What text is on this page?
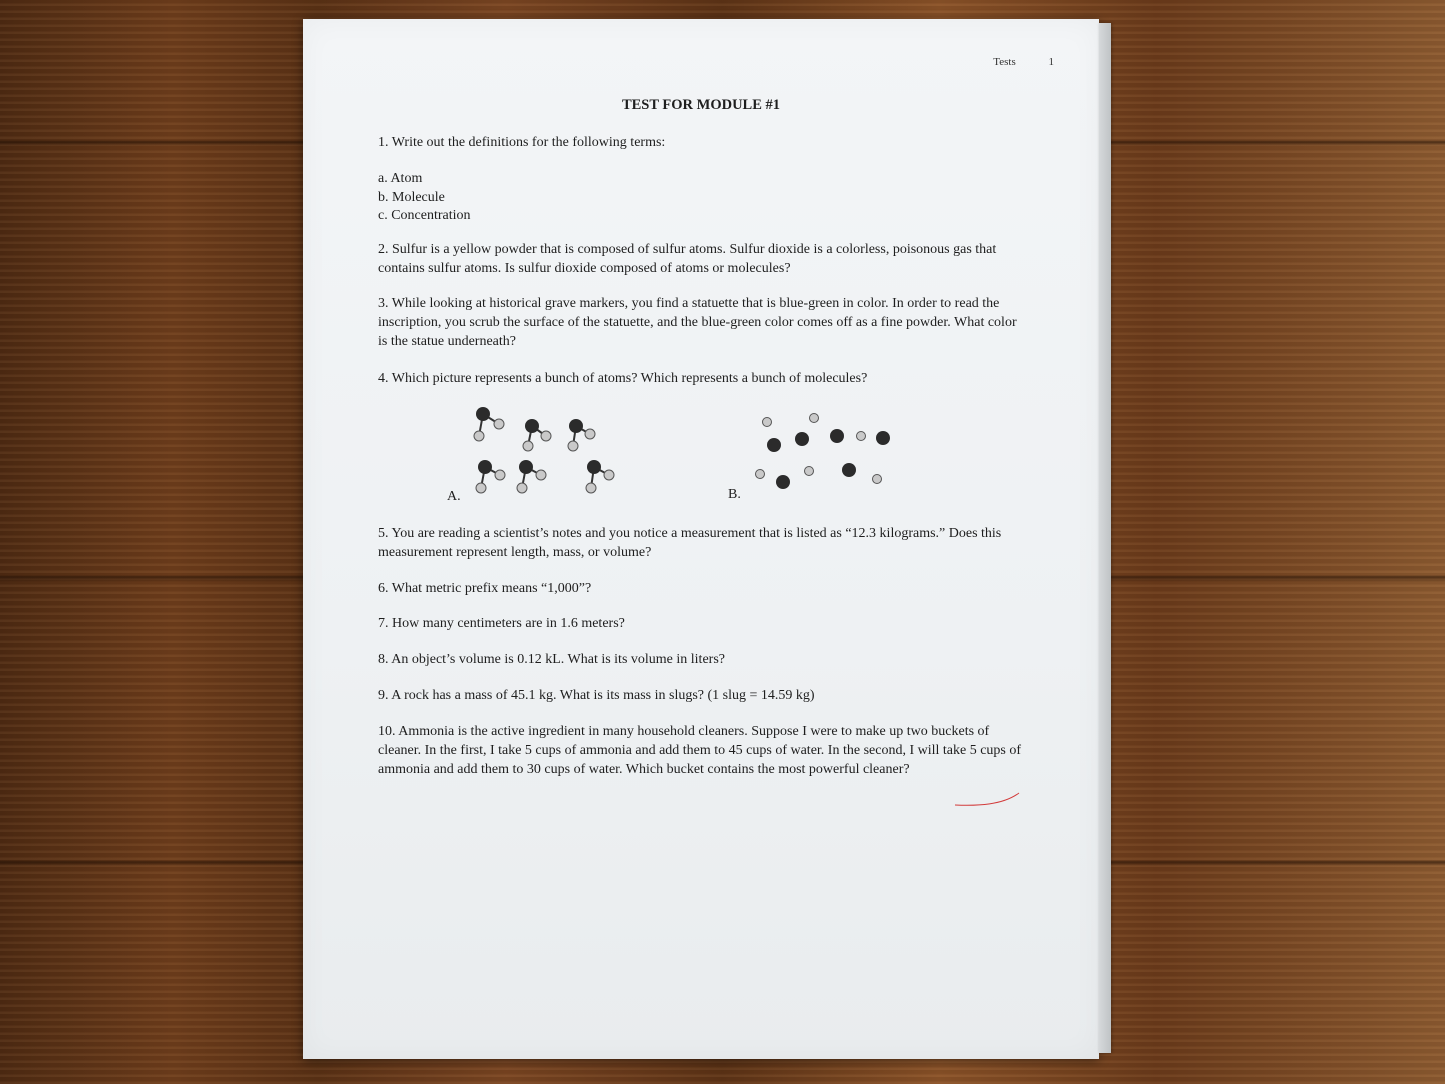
Tests	1
TEST FOR MODULE #1
1. Write out the definitions for the following terms:
a. Atom
b. Molecule
c. Concentration
2. Sulfur is a yellow powder that is composed of sulfur atoms. Sulfur dioxide is a colorless, poisonous gas that contains sulfur atoms. Is sulfur dioxide composed of atoms or molecules?
3. While looking at historical grave markers, you find a statuette that is blue-green in color. In order to read the inscription, you scrub the surface of the statuette, and the blue-green color comes off as a fine powder. What color is the statue underneath?
4. Which picture represents a bunch of atoms? Which represents a bunch of molecules?
A.	B.
5. You are reading a scientist’s notes and you notice a measurement that is listed as “12.3 kilograms.” Does this measurement represent length, mass, or volume?
6. What metric prefix means “1,000”?
7. How many centimeters are in 1.6 meters?
8. An object’s volume is 0.12 kL. What is its volume in liters?
9. A rock has a mass of 45.1 kg. What is its mass in slugs? (1 slug = 14.59 kg)
10. Ammonia is the active ingredient in many household cleaners. Suppose I were to make up two buckets of cleaner. In the first, I take 5 cups of ammonia and add them to 45 cups of water. In the second, I will take 5 cups of ammonia and add them to 30 cups of water. Which bucket contains the most powerful cleaner?
